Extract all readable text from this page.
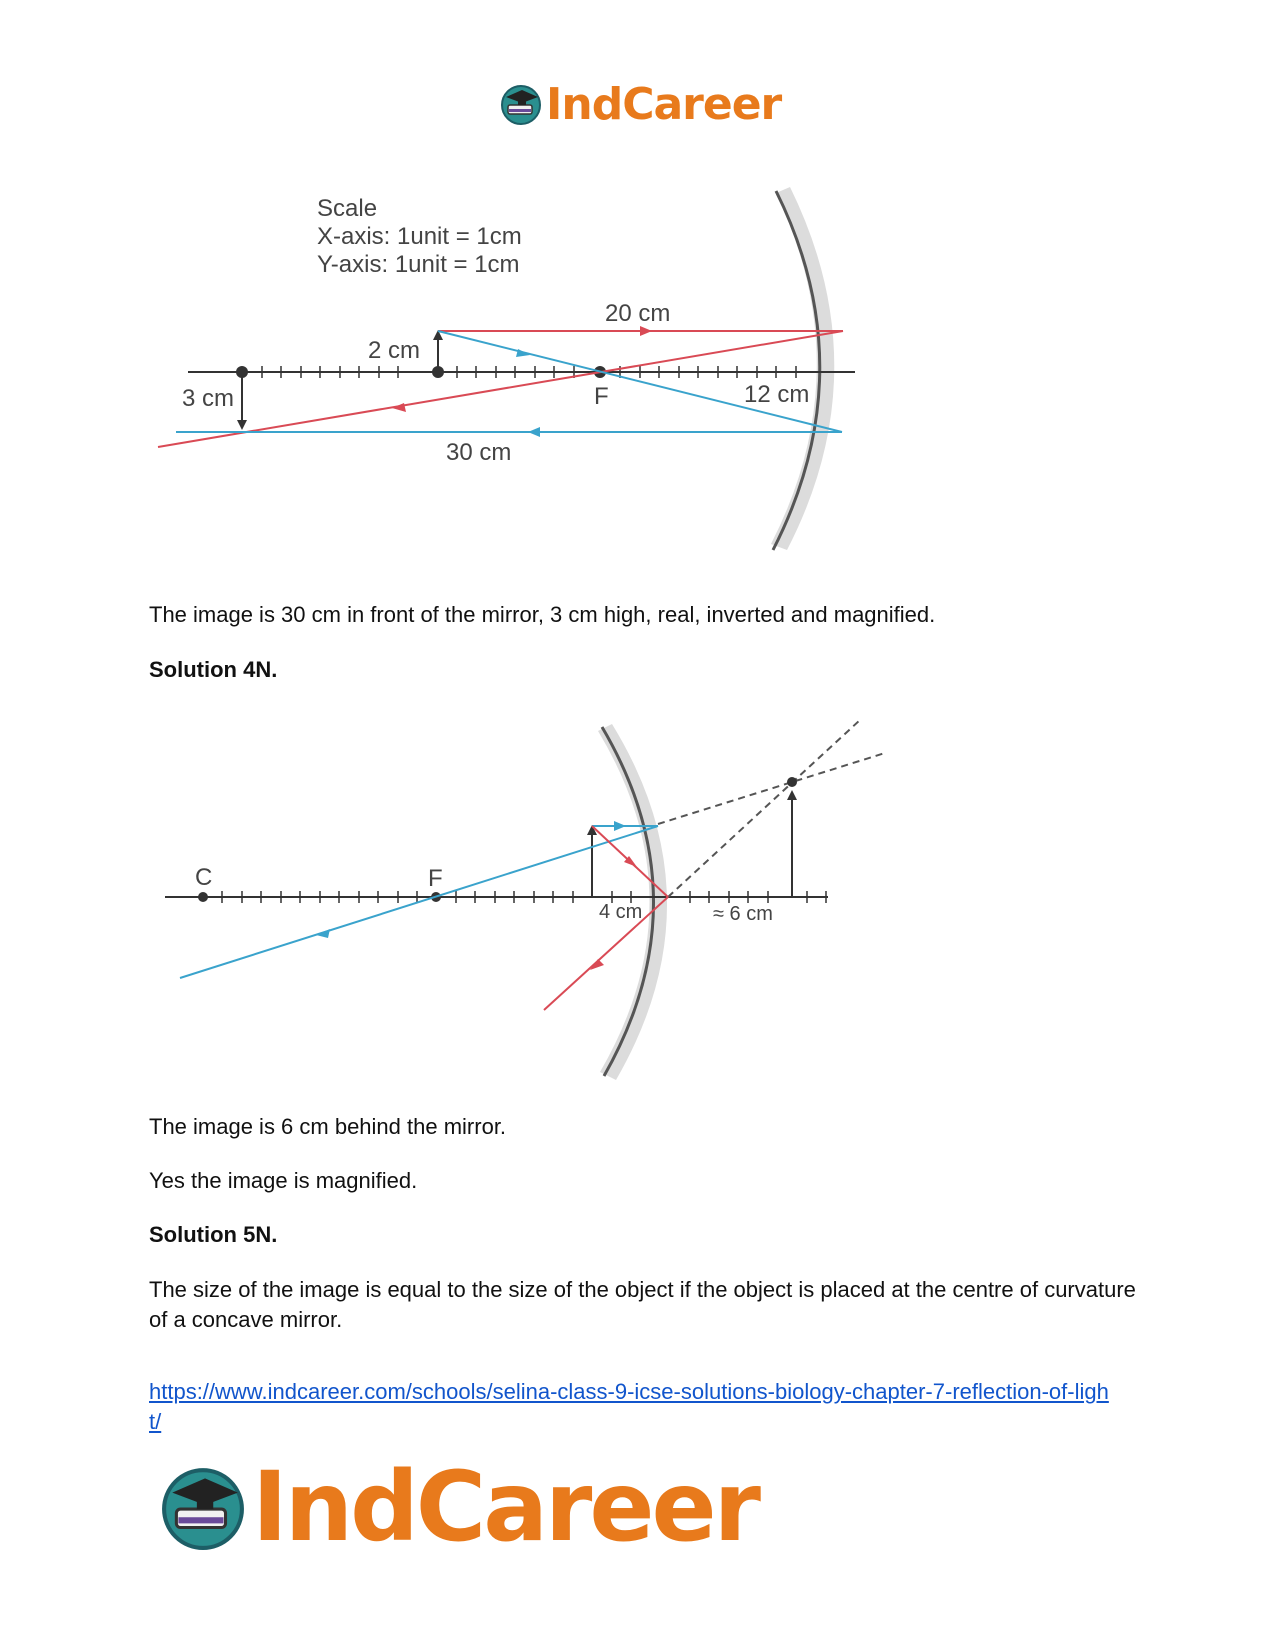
IndCareer
Scale
X-axis: 1unit = 1cm
Y-axis: 1unit = 1cm
20 cm
2 cm
3 cm	F	12 cm
30 cm
The image is 30 cm in front of the mirror, 3 cm high, real, inverted and magnified.
Solution 4N.
C	F
4 cm	≈ 6 cm
The image is 6 cm behind the mirror.
Yes the image is magnified.
Solution 5N.
The size of the image is equal to the size of the object if the object is placed at the centre of curvature of a concave mirror.
https://www.indcareer.com/schools/selina-class-9-icse-solutions-biology-chapter-7-reflection-of-light/
IndCareer
